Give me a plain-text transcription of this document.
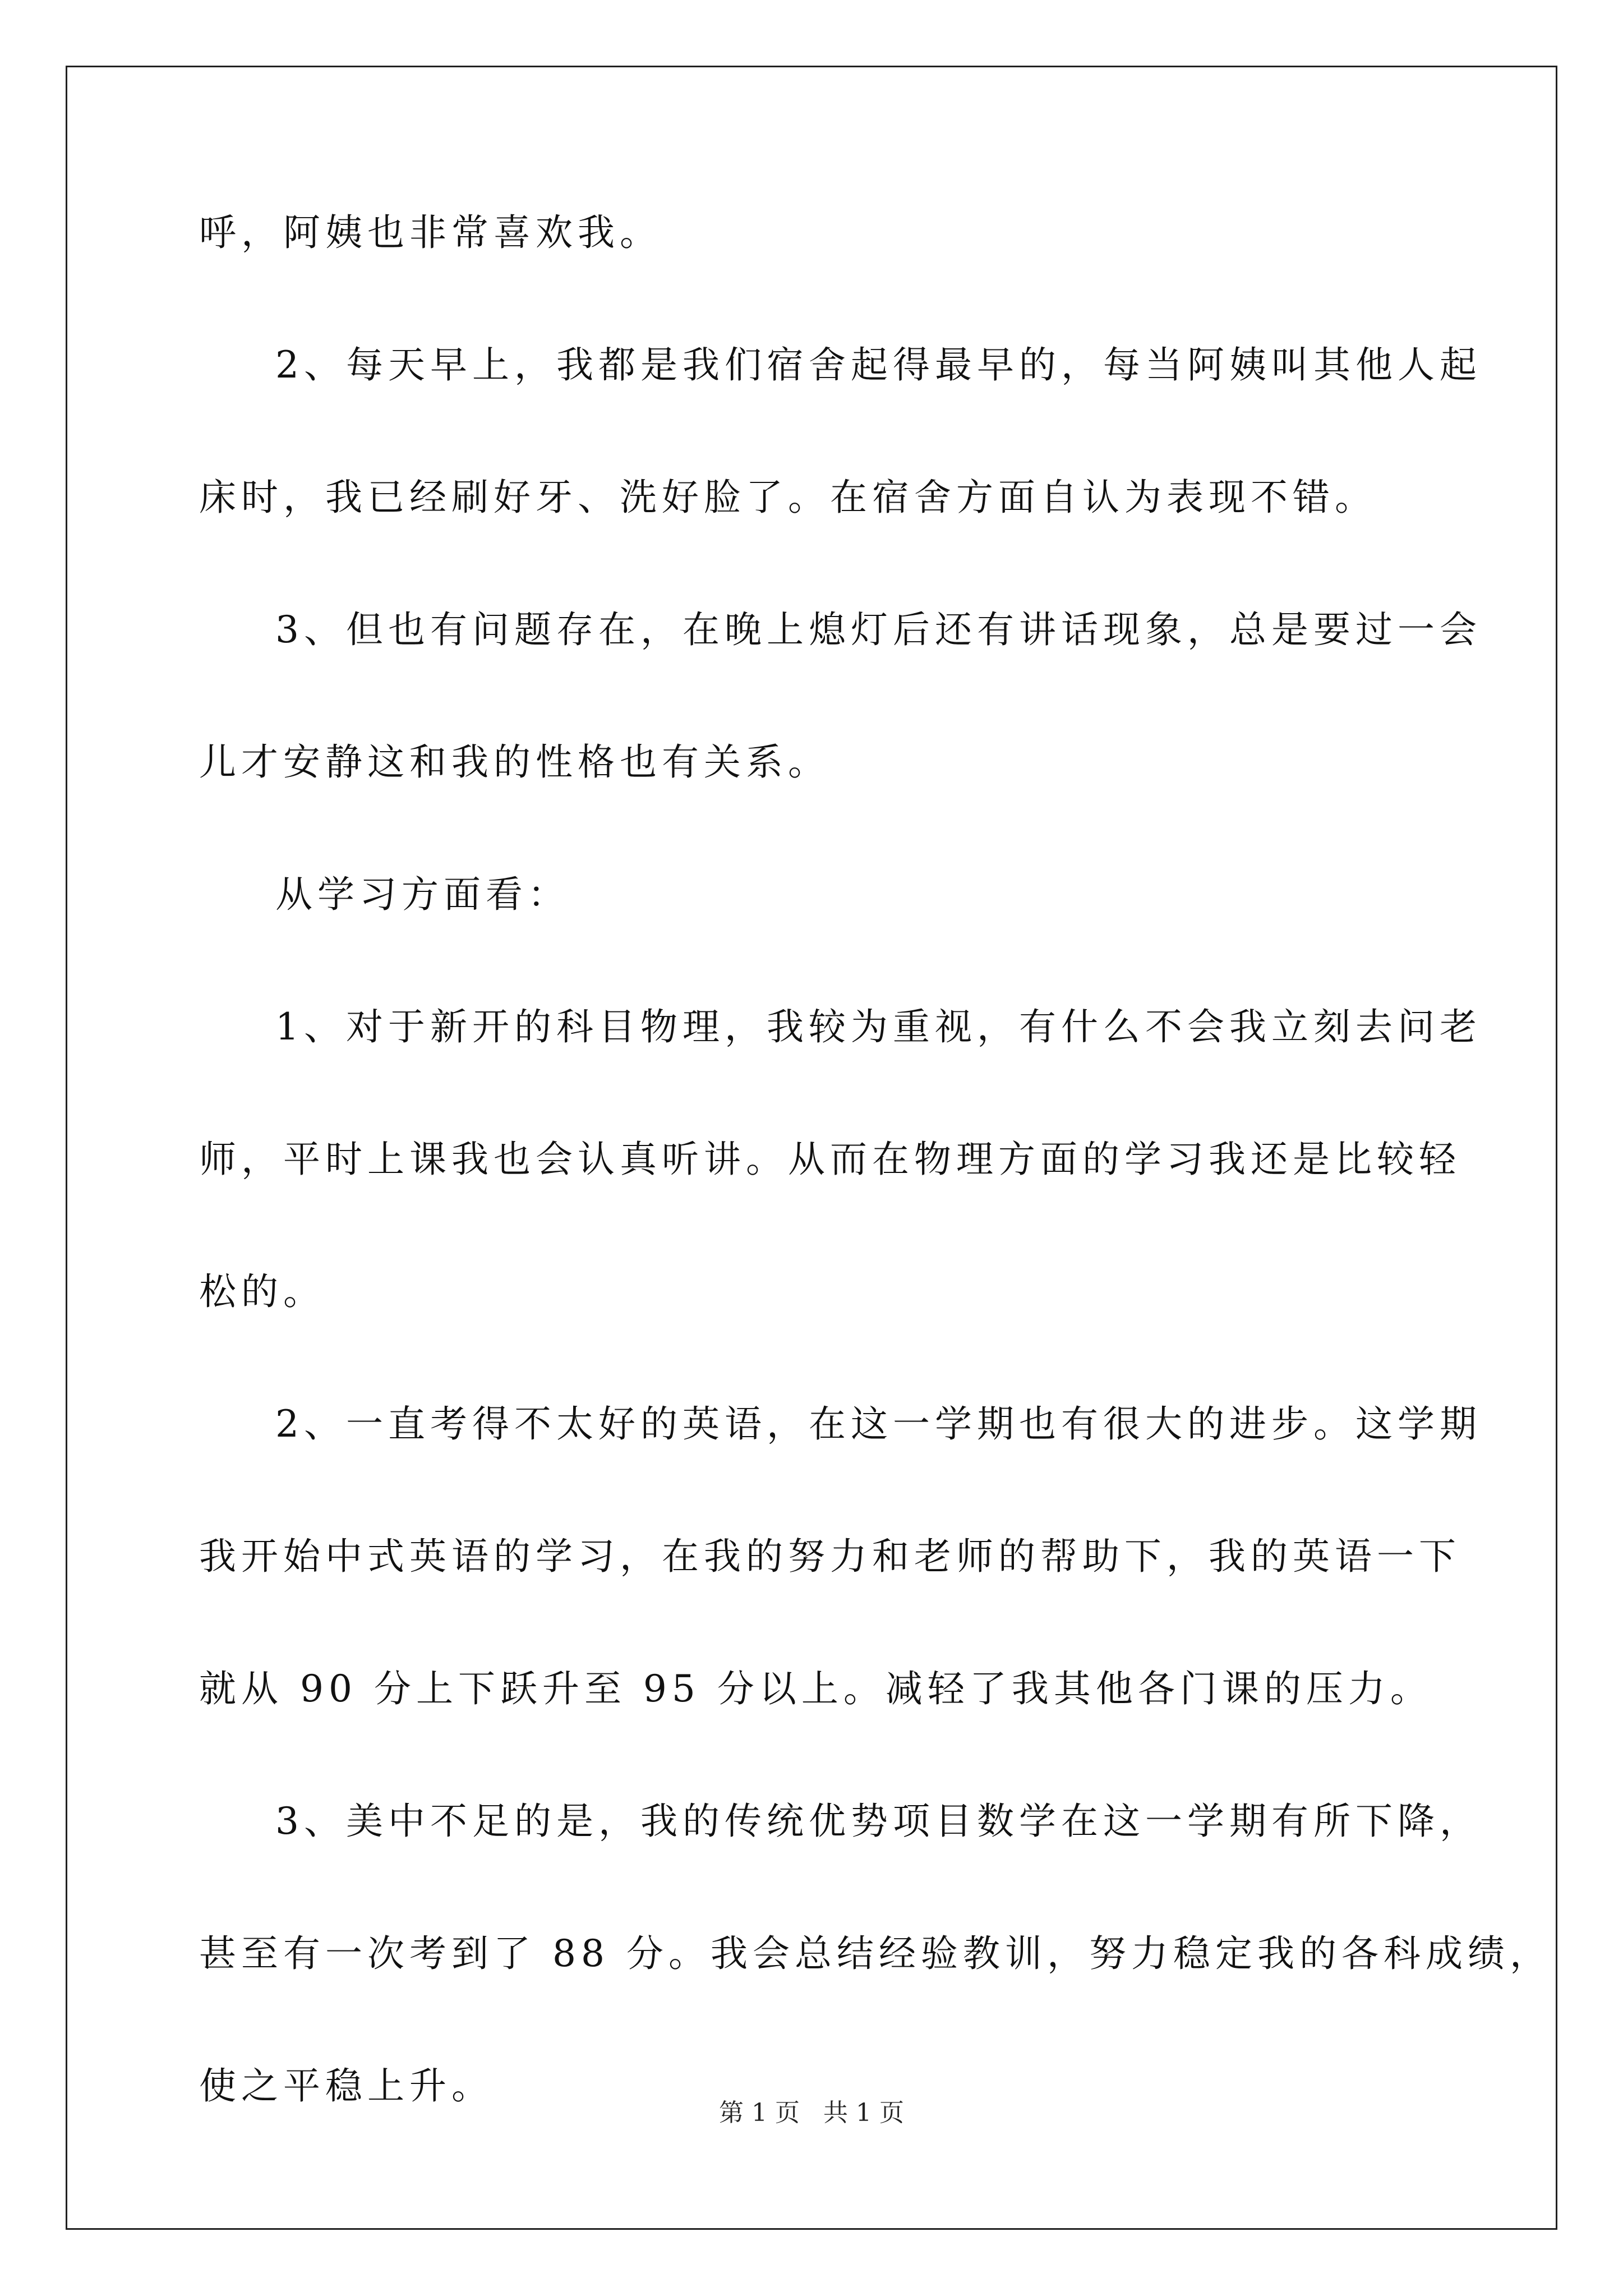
呼，阿姨也非常喜欢我。
2、每天早上，我都是我们宿舍起得最早的，每当阿姨叫其他人起
床时，我已经刷好牙、洗好脸了。在宿舍方面自认为表现不错。
3、但也有问题存在，在晚上熄灯后还有讲话现象，总是要过一会
儿才安静这和我的性格也有关系。
从学习方面看：
1、对于新开的科目物理，我较为重视，有什么不会我立刻去问老
师，平时上课我也会认真听讲。从而在物理方面的学习我还是比较轻
松的。
2、一直考得不太好的英语，在这一学期也有很大的进步。这学期
我开始中式英语的学习，在我的努力和老师的帮助下，我的英语一下
就从 90 分上下跃升至 95 分以上。减轻了我其他各门课的压力。
3、美中不足的是，我的传统优势项目数学在这一学期有所下降，
甚至有一次考到了 88 分。我会总结经验教训，努力稳定我的各科成绩，
使之平稳上升。
第 1 页 共 1 页
